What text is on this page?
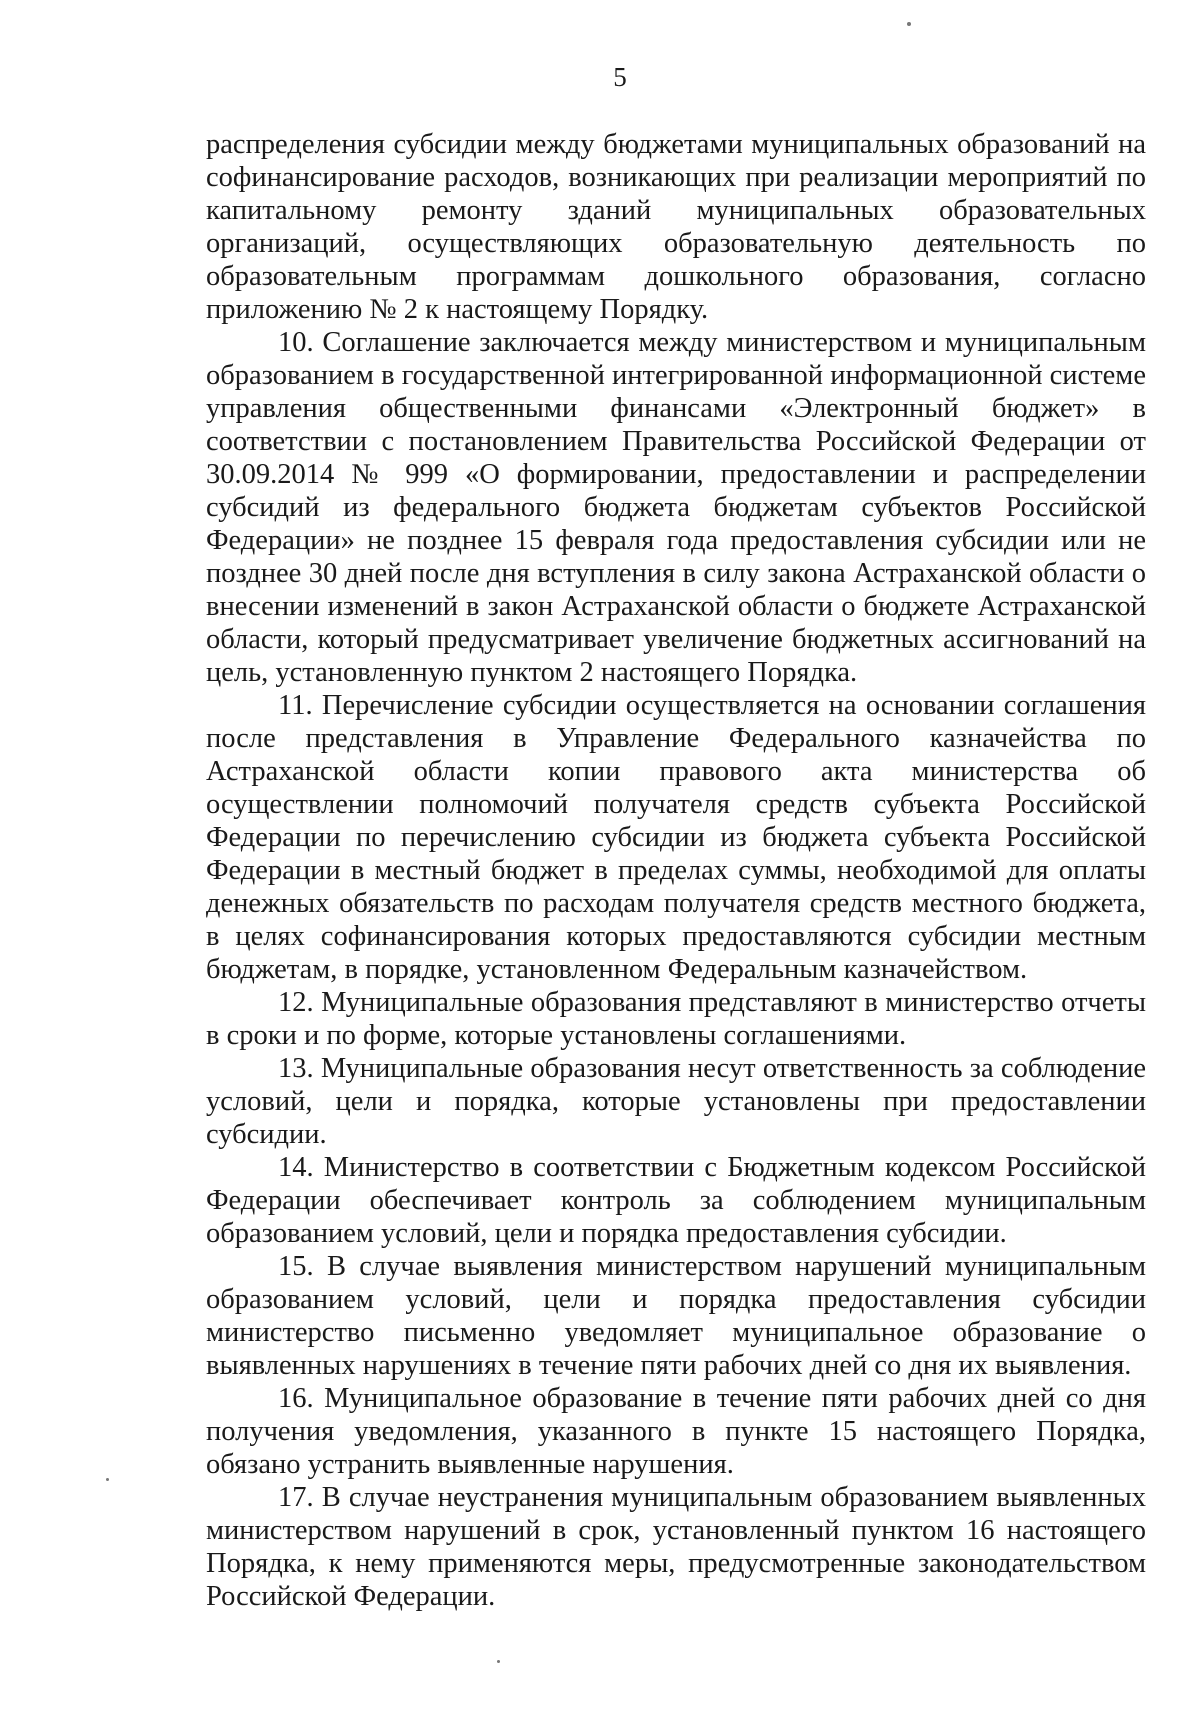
5

распределения субсидии между бюджетами муниципальных образований на софинансирование расходов, возникающих при реализации мероприятий по капитальному ремонту зданий муниципальных образовательных организаций, осуществляющих образовательную деятельность по образовательным программам дошкольного образования, согласно приложению № 2 к настоящему Порядку.

10. Соглашение заключается между министерством и муниципальным образованием в государственной интегрированной информационной системе управления общественными финансами «Электронный бюджет» в соответствии с постановлением Правительства Российской Федерации от 30.09.2014 № 999 «О формировании, предоставлении и распределении субсидий из федерального бюджета бюджетам субъектов Российской Федерации» не позднее 15 февраля года предоставления субсидии или не позднее 30 дней после дня вступления в силу закона Астраханской области о внесении изменений в закон Астраханской области о бюджете Астраханской области, который предусматривает увеличение бюджетных ассигнований на цель, установленную пунктом 2 настоящего Порядка.

11. Перечисление субсидии осуществляется на основании соглашения после представления в Управление Федерального казначейства по Астраханской области копии правового акта министерства об осуществлении полномочий получателя средств субъекта Российской Федерации по перечислению субсидии из бюджета субъекта Российской Федерации в местный бюджет в пределах суммы, необходимой для оплаты денежных обязательств по расходам получателя средств местного бюджета, в целях софинансирования которых предоставляются субсидии местным бюджетам, в порядке, установленном Федеральным казначейством.

12. Муниципальные образования представляют в министерство отчеты в сроки и по форме, которые установлены соглашениями.

13. Муниципальные образования несут ответственность за соблюдение условий, цели и порядка, которые установлены при предоставлении субсидии.

14. Министерство в соответствии с Бюджетным кодексом Российской Федерации обеспечивает контроль за соблюдением муниципальным образованием условий, цели и порядка предоставления субсидии.

15. В случае выявления министерством нарушений муниципальным образованием условий, цели и порядка предоставления субсидии министерство письменно уведомляет муниципальное образование о выявленных нарушениях в течение пяти рабочих дней со дня их выявления.

16. Муниципальное образование в течение пяти рабочих дней со дня получения уведомления, указанного в пункте 15 настоящего Порядка, обязано устранить выявленные нарушения.

17. В случае неустранения муниципальным образованием выявленных министерством нарушений в срок, установленный пунктом 16 настоящего Порядка, к нему применяются меры, предусмотренные законодательством Российской Федерации.
